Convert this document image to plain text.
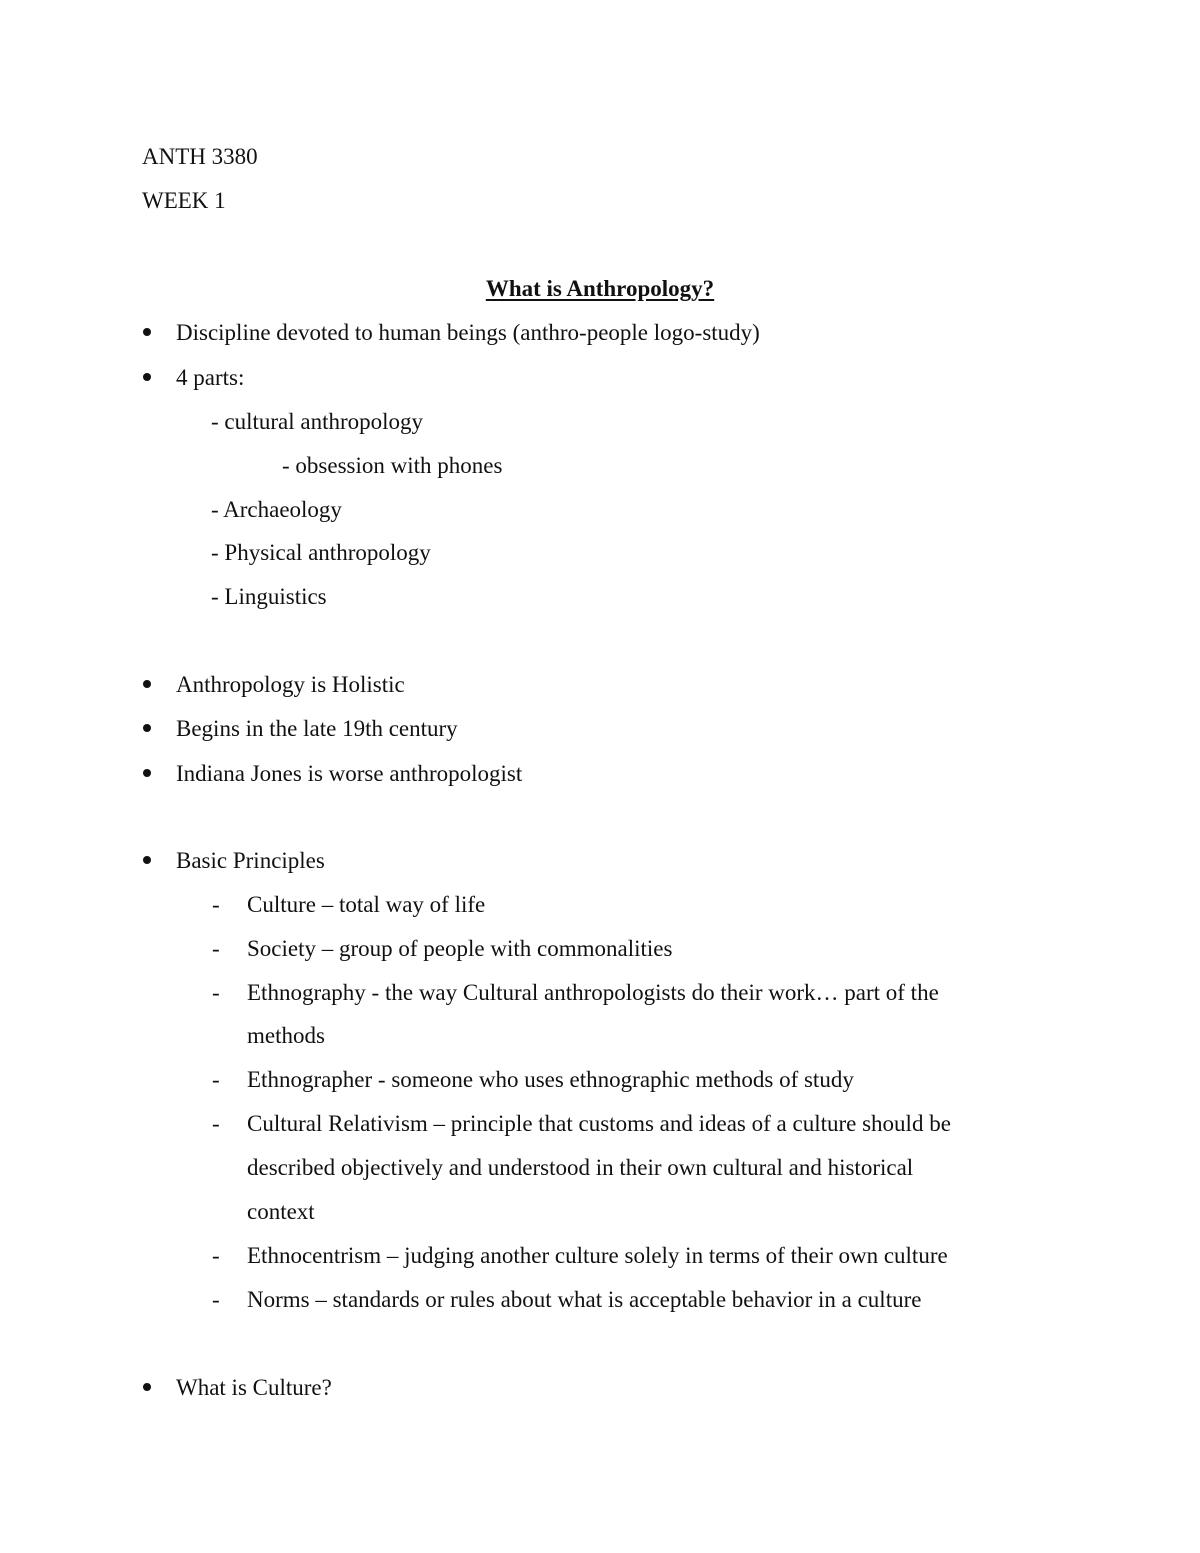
ANTH 3380
WEEK 1
What is Anthropology?
Discipline devoted to human beings (anthro-people logo-study)
4 parts:
- cultural anthropology
- obsession with phones
- Archaeology
- Physical anthropology
- Linguistics
Anthropology is Holistic
Begins in the late 19th century
Indiana Jones is worse anthropologist
Basic Principles
- Culture – total way of life
- Society – group of people with commonalities
- Ethnography - the way Cultural anthropologists do their work… part of the
methods
- Ethnographer - someone who uses ethnographic methods of study
- Cultural Relativism – principle that customs and ideas of a culture should be
described objectively and understood in their own cultural and historical
context
- Ethnocentrism – judging another culture solely in terms of their own culture
- Norms – standards or rules about what is acceptable behavior in a culture
What is Culture?
